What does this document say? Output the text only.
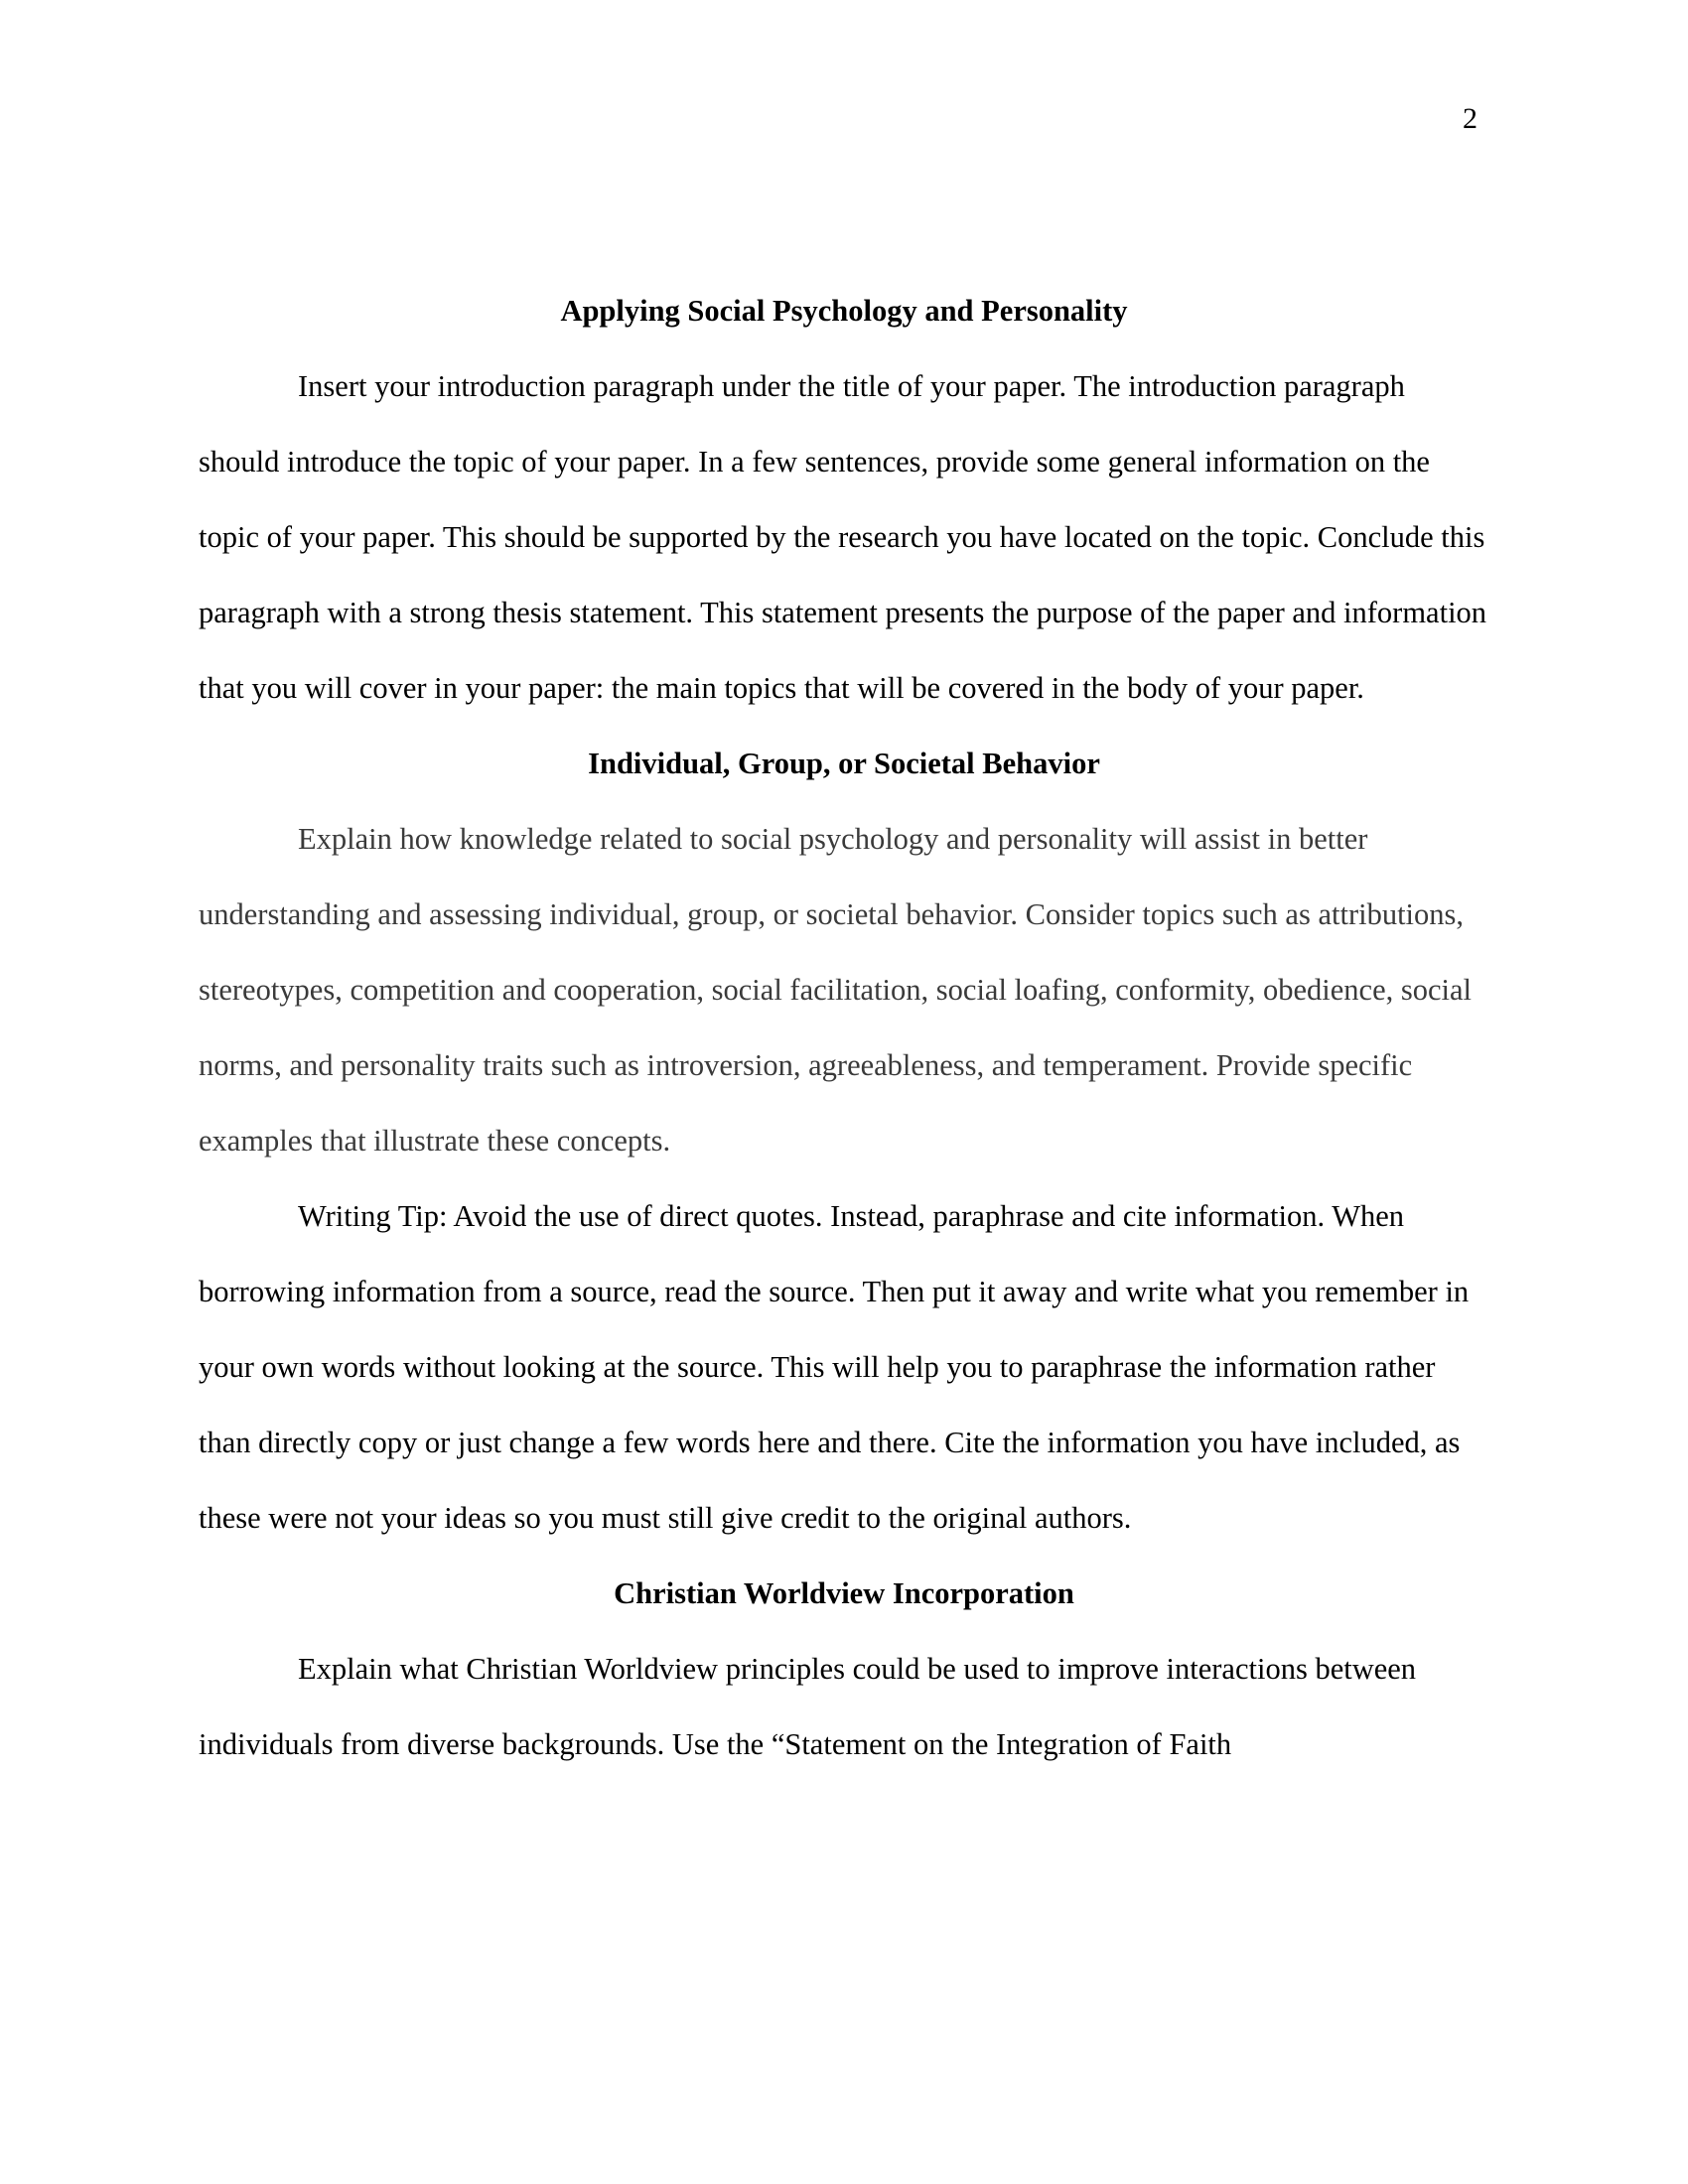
2
Applying Social Psychology and Personality

Insert your introduction paragraph under the title of your paper. The introduction paragraph should introduce the topic of your paper. In a few sentences, provide some general information on the topic of your paper. This should be supported by the research you have located on the topic. Conclude this paragraph with a strong thesis statement. This statement presents the purpose of the paper and information that you will cover in your paper: the main topics that will be covered in the body of your paper.

Individual, Group, or Societal Behavior

Explain how knowledge related to social psychology and personality will assist in better understanding and assessing individual, group, or societal behavior. Consider topics such as attributions, stereotypes, competition and cooperation, social facilitation, social loafing, conformity, obedience, social norms, and personality traits such as introversion, agreeableness, and temperament. Provide specific examples that illustrate these concepts.

Writing Tip: Avoid the use of direct quotes. Instead, paraphrase and cite information. When borrowing information from a source, read the source. Then put it away and write what you remember in your own words without looking at the source. This will help you to paraphrase the information rather than directly copy or just change a few words here and there. Cite the information you have included, as these were not your ideas so you must still give credit to the original authors.

Christian Worldview Incorporation

Explain what Christian Worldview principles could be used to improve interactions between individuals from diverse backgrounds. Use the “Statement on the Integration of Faith
